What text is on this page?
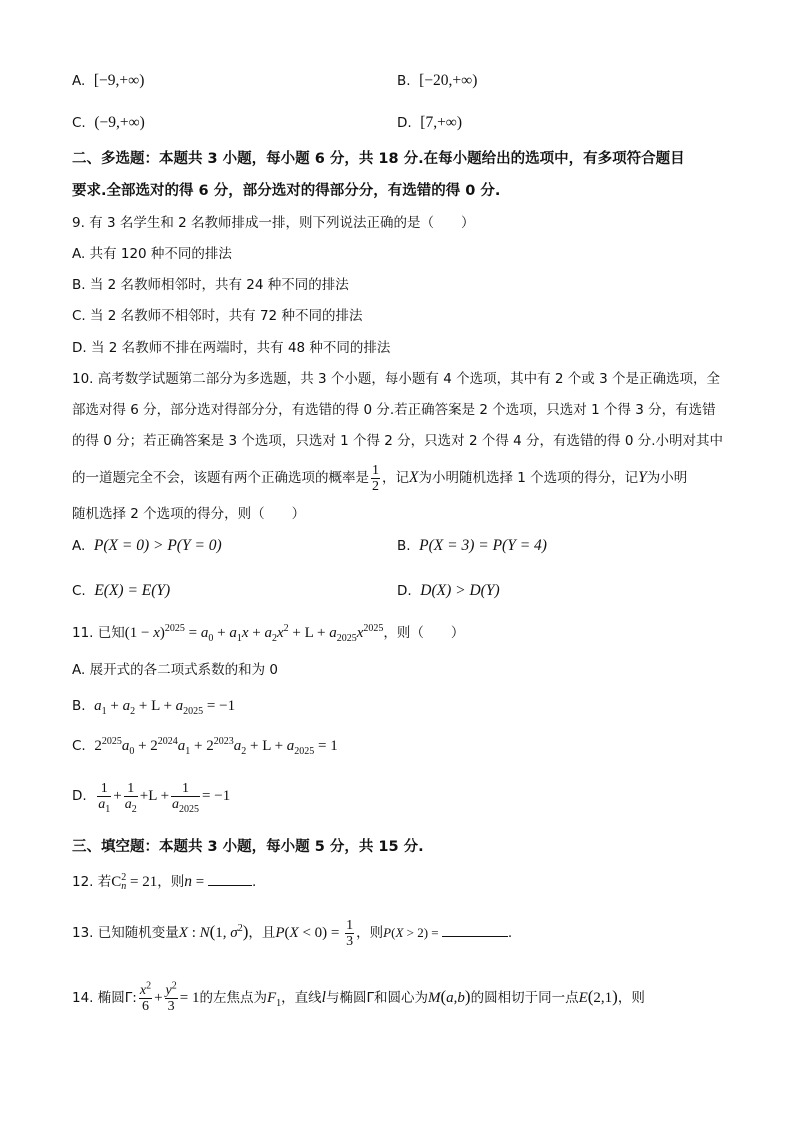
A. [−9,+∞)	B. [−20,+∞)
C. (−9,+∞)	D. [7,+∞)
二、多选题：本题共 3 小题，每小题 6 分，共 18 分.在每小题给出的选项中，有多项符合题目
要求.全部选对的得 6 分，部分选对的得部分分，有选错的得 0 分.
9. 有 3 名学生和 2 名教师排成一排，则下列说法正确的是（　　）
A. 共有 120 种不同的排法
B. 当 2 名教师相邻时，共有 24 种不同的排法
C. 当 2 名教师不相邻时，共有 72 种不同的排法
D. 当 2 名教师不排在两端时，共有 48 种不同的排法
10. 高考数学试题第二部分为多选题，共 3 个小题，每小题有 4 个选项，其中有 2 个或 3 个是正确选项，全
部选对得 6 分，部分选对得部分分，有选错的得 0 分.若正确答案是 2 个选项，只选对 1 个得 3 分，有选错
的得 0 分；若正确答案是 3 个选项，只选对 1 个得 2 分，只选对 2 个得 4 分，有选错的得 0 分.小明对其中
的一道题完全不会，该题有两个正确选项的概率是 $\frac{1}{2}$ ，记X为小明随机选择 1 个选项的得分，记Y为小明
随机选择 2 个选项的得分，则（　　）
A. P(X = 0) > P(Y = 0)	B. P(X = 3) = P(Y = 4)
C. E(X) = E(Y)	D. D(X) > D(Y)
11. 已知$(1 - x)^{2025} = a_0 + a_1x + a_2x^2 + L + a_{2025}x^{2025}$，则（　　）
A. 展开式的各二项式系数的和为 0
B. $a_1 + a_2 + L + a_{2025} = -1$
C. $2^{2025}a_0 + 2^{2024}a_1 + 2^{2023}a_2 + L + a_{2025} = 1$
D. $\frac{1}{a_1} + \frac{1}{a_2} +L + \frac{1}{a_{2025}} = -1$
三、填空题：本题共 3 小题，每小题 5 分，共 15 分.
12. 若C 2
n = 21，则n =	.
13. 已知随机变量X : N(1, $\sigma^2$)，且$P(X < 0) = \frac{1}{3}$ ，则P(X > 2) =	.
14. 椭圆Γ: $\frac{x^2}{6} + \frac{y^2}{3} = 1$的左焦点为$F_1$，直线l与椭圆Γ和圆心为M(a,b)的圆相切于同一点E(2,1)，则
